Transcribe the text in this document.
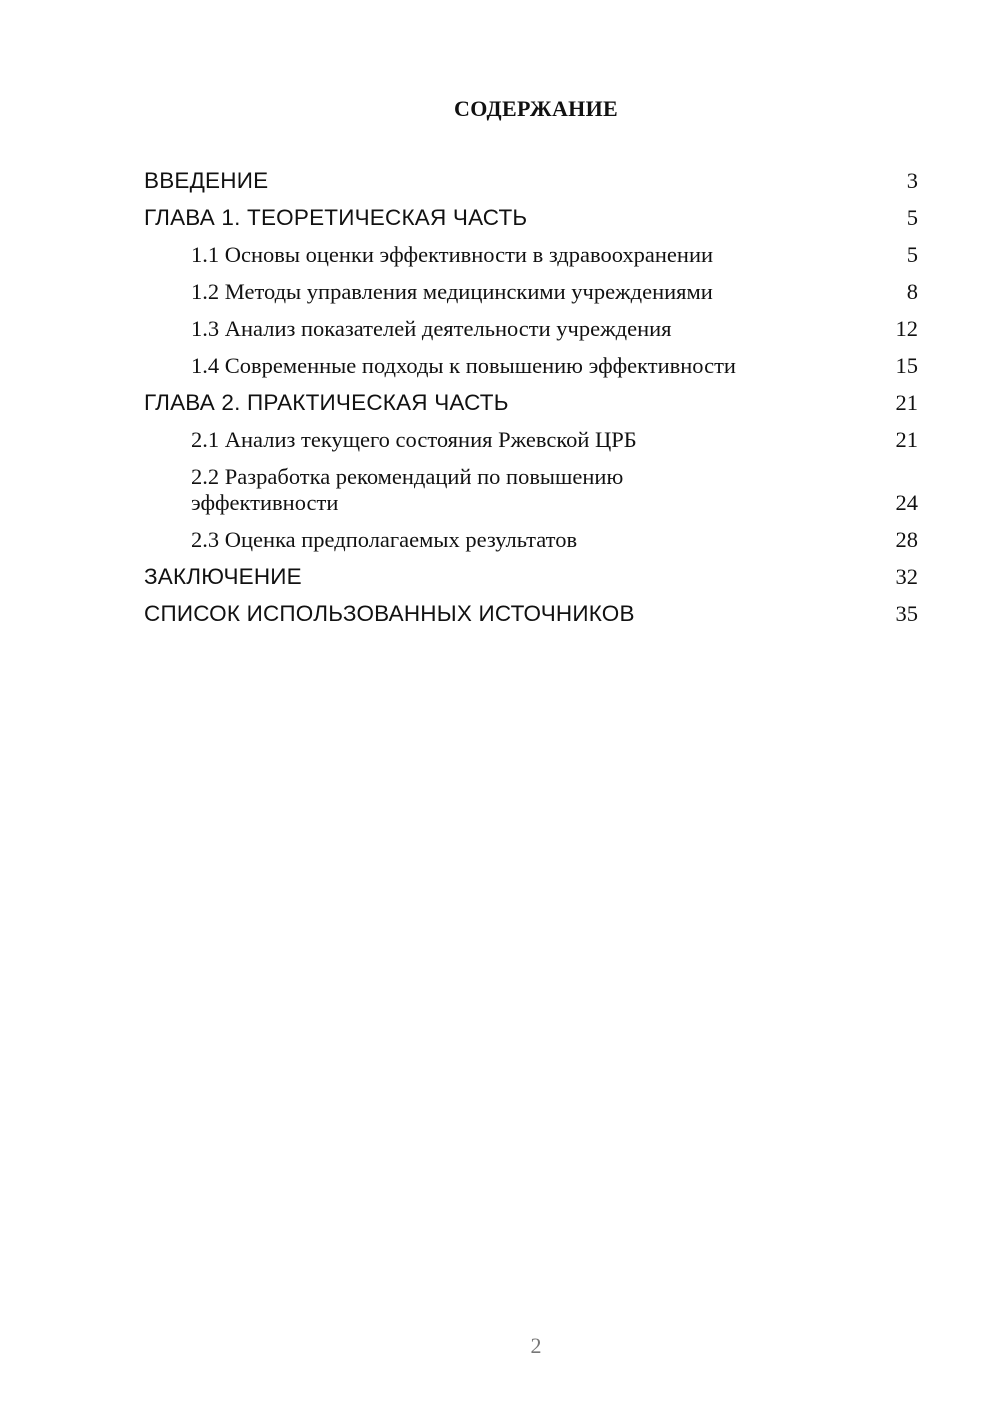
СОДЕРЖАНИЕ
ВВЕДЕНИЕ	3
ГЛАВА 1. ТЕОРЕТИЧЕСКАЯ ЧАСТЬ	5
1.1 Основы оценки эффективности в здравоохранении	5
1.2 Методы управления медицинскими учреждениями	8
1.3 Анализ показателей деятельности учреждения	12
1.4 Современные подходы к повышению эффективности	15
ГЛАВА 2. ПРАКТИЧЕСКАЯ ЧАСТЬ	21
2.1 Анализ текущего состояния Ржевской ЦРБ	21
2.2 Разработка рекомендаций по повышению эффективности	24
2.3 Оценка предполагаемых результатов	28
ЗАКЛЮЧЕНИЕ	32
СПИСОК ИСПОЛЬЗОВАННЫХ ИСТОЧНИКОВ	35
2
